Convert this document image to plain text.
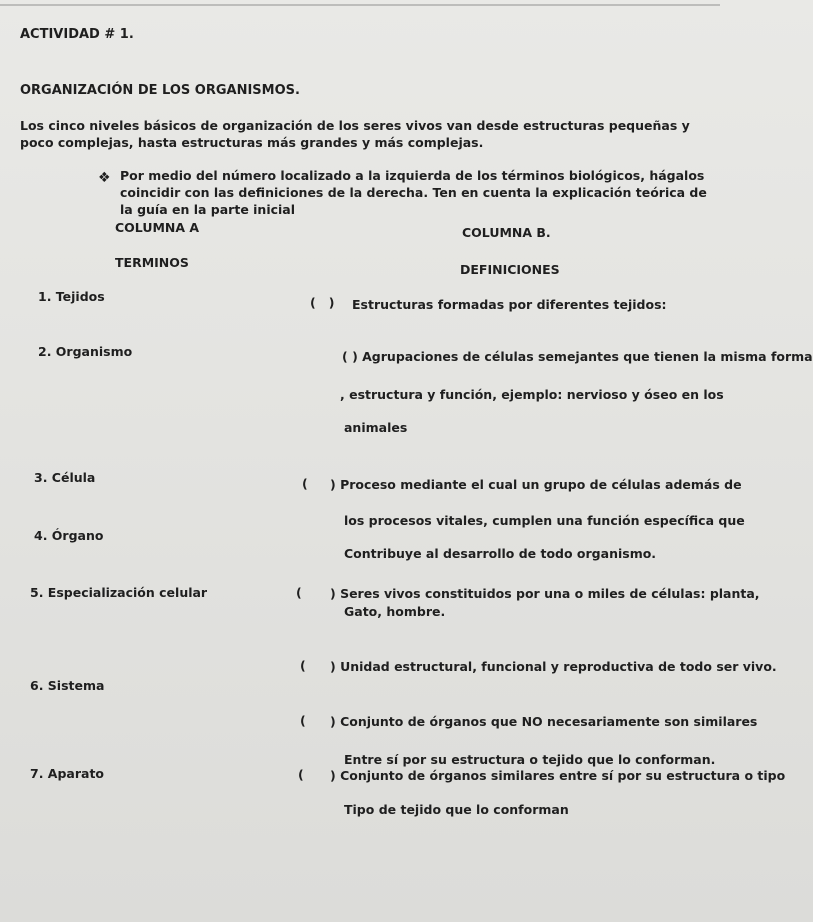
ACTIVIDAD # 1.
ORGANIZACIÓN DE LOS ORGANISMOS.
Los cinco niveles básicos de organización de los seres vivos van desde estructuras pequeñas y poco complejas, hasta estructuras más grandes y más complejas.
❖ Por medio del número localizado a la izquierda de los términos biológicos, hágalos coincidir con las definiciones de la derecha. Ten en cuenta la explicación teórica de la guía en la parte inicial
COLUMNA A	COLUMNA B.
TERMINOS	DEFINICIONES
1. Tejidos
2. Organismo
3. Célula
4. Órgano
5. Especialización celular
6. Sistema
7. Aparato
(   ) Estructuras formadas por diferentes tejidos:
( ) Agrupaciones de células semejantes que tienen la misma forma
, estructura y función, ejemplo: nervioso y óseo en los
animales
( ) Proceso mediante el cual un grupo de células además de
los procesos vitales, cumplen una función específica que
Contribuye al desarrollo de todo organismo.
( ) Seres vivos constituidos por una o miles de células: planta,
Gato, hombre.
( ) Unidad estructural, funcional y reproductiva de todo ser vivo.
( ) Conjunto de órganos que NO necesariamente son similares
Entre sí por su estructura o tejido que lo conforman.
( ) Conjunto de órganos similares entre sí por su estructura o tipo
Tipo de tejido que lo conforman
